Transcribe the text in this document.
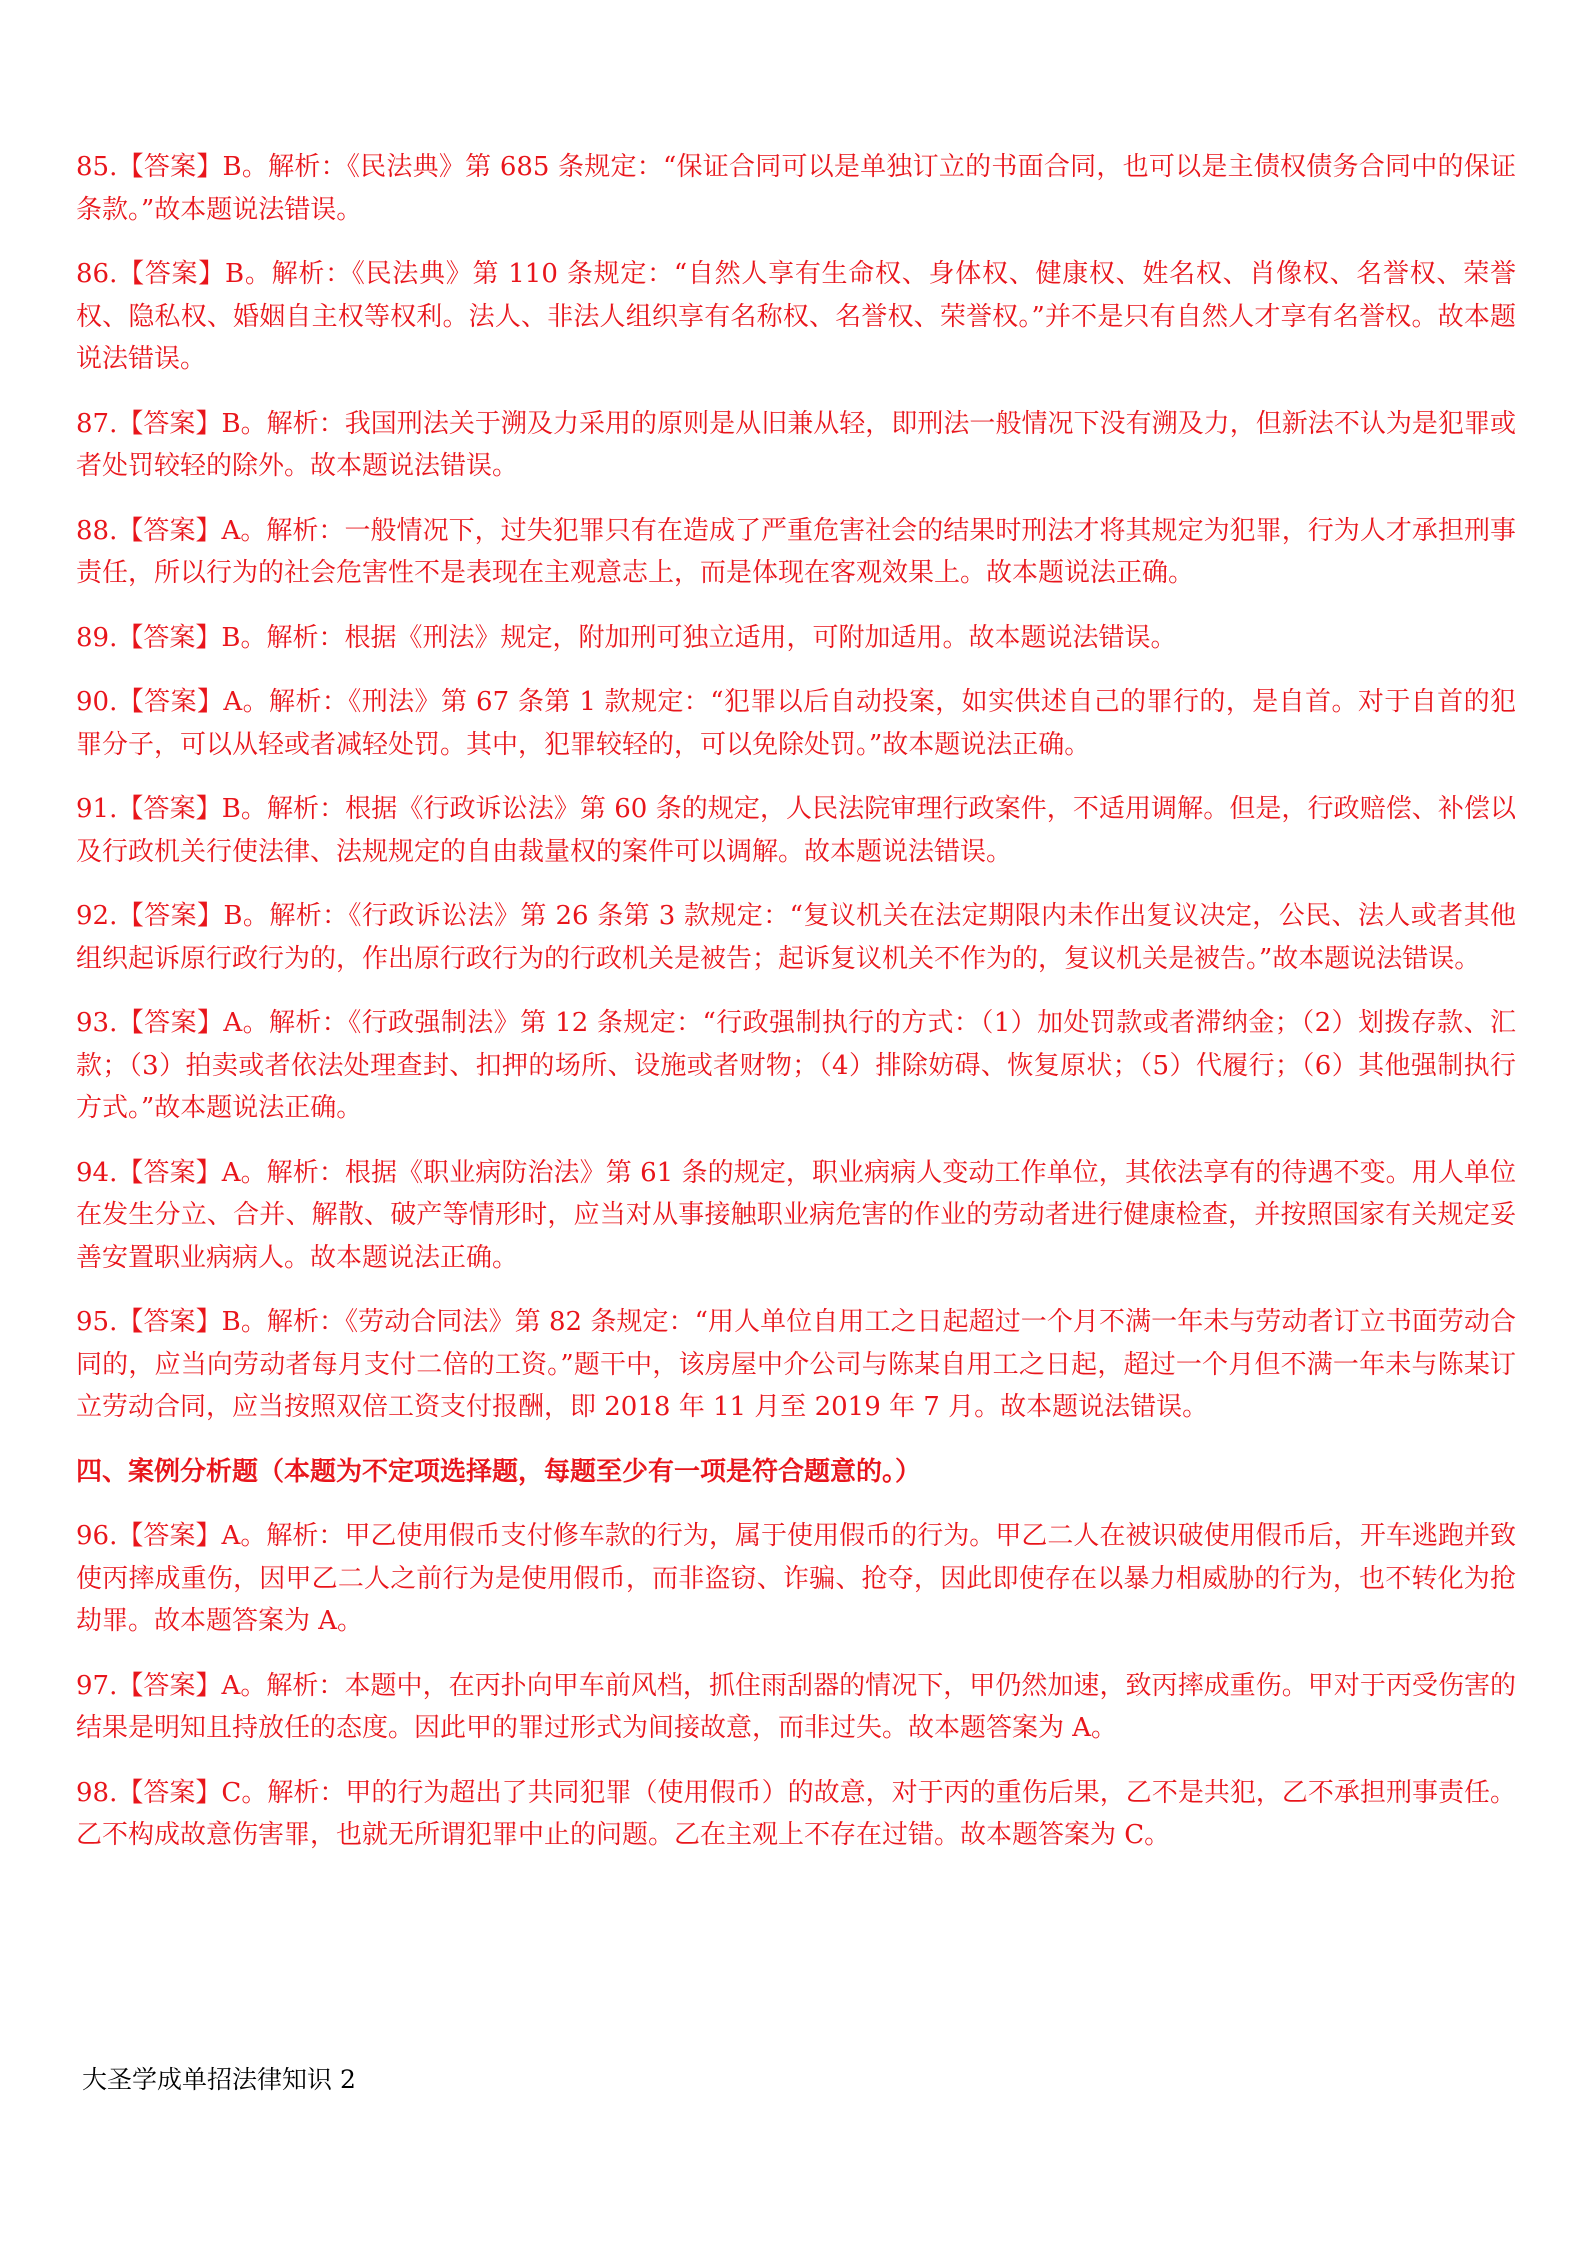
85.【答案】B。解析：《民法典》第 685 条规定：“保证合同可以是单独订立的书面合同，也可以是主债权债务合同中的保证条款。”故本题说法错误。

86.【答案】B。解析：《民法典》第 110 条规定：“自然人享有生命权、身体权、健康权、姓名权、肖像权、名誉权、荣誉权、隐私权、婚姻自主权等权利。法人、非法人组织享有名称权、名誉权、荣誉权。”并不是只有自然人才享有名誉权。故本题说法错误。

87.【答案】B。解析：我国刑法关于溯及力采用的原则是从旧兼从轻，即刑法一般情况下没有溯及力，但新法不认为是犯罪或者处罚较轻的除外。故本题说法错误。

88.【答案】A。解析：一般情况下，过失犯罪只有在造成了严重危害社会的结果时刑法才将其规定为犯罪，行为人才承担刑事责任，所以行为的社会危害性不是表现在主观意志上，而是体现在客观效果上。故本题说法正确。

89.【答案】B。解析：根据《刑法》规定，附加刑可独立适用，可附加适用。故本题说法错误。

90.【答案】A。解析：《刑法》第 67 条第 1 款规定：“犯罪以后自动投案，如实供述自己的罪行的，是自首。对于自首的犯罪分子，可以从轻或者减轻处罚。其中，犯罪较轻的，可以免除处罚。”故本题说法正确。

91.【答案】B。解析：根据《行政诉讼法》第 60 条的规定，人民法院审理行政案件，不适用调解。但是，行政赔偿、补偿以及行政机关行使法律、法规规定的自由裁量权的案件可以调解。故本题说法错误。

92.【答案】B。解析：《行政诉讼法》第 26 条第 3 款规定：“复议机关在法定期限内未作出复议决定，公民、法人或者其他组织起诉原行政行为的，作出原行政行为的行政机关是被告；起诉复议机关不作为的，复议机关是被告。”故本题说法错误。

93.【答案】A。解析：《行政强制法》第 12 条规定：“行政强制执行的方式：（1）加处罚款或者滞纳金；（2）划拨存款、汇款；（3）拍卖或者依法处理查封、扣押的场所、设施或者财物；（4）排除妨碍、恢复原状；（5）代履行；（6）其他强制执行方式。”故本题说法正确。

94.【答案】A。解析：根据《职业病防治法》第 61 条的规定，职业病病人变动工作单位，其依法享有的待遇不变。用人单位在发生分立、合并、解散、破产等情形时，应当对从事接触职业病危害的作业的劳动者进行健康检查，并按照国家有关规定妥善安置职业病病人。故本题说法正确。

95.【答案】B。解析：《劳动合同法》第 82 条规定：“用人单位自用工之日起超过一个月不满一年未与劳动者订立书面劳动合同的，应当向劳动者每月支付二倍的工资。”题干中，该房屋中介公司与陈某自用工之日起，超过一个月但不满一年未与陈某订立劳动合同，应当按照双倍工资支付报酬，即 2018 年 11 月至 2019 年 7 月。故本题说法错误。

四、案例分析题（本题为不定项选择题，每题至少有一项是符合题意的。）

96.【答案】A。解析：甲乙使用假币支付修车款的行为，属于使用假币的行为。甲乙二人在被识破使用假币后，开车逃跑并致使丙摔成重伤，因甲乙二人之前行为是使用假币，而非盗窃、诈骗、抢夺，因此即使存在以暴力相威胁的行为，也不转化为抢劫罪。故本题答案为 A。

97.【答案】A。解析：本题中，在丙扑向甲车前风档，抓住雨刮器的情况下，甲仍然加速，致丙摔成重伤。甲对于丙受伤害的结果是明知且持放任的态度。因此甲的罪过形式为间接故意，而非过失。故本题答案为 A。

98.【答案】C。解析：甲的行为超出了共同犯罪（使用假币）的故意，对于丙的重伤后果，乙不是共犯，乙不承担刑事责任。乙不构成故意伤害罪，也就无所谓犯罪中止的问题。乙在主观上不存在过错。故本题答案为 C。

大圣学成单招法律知识 2
